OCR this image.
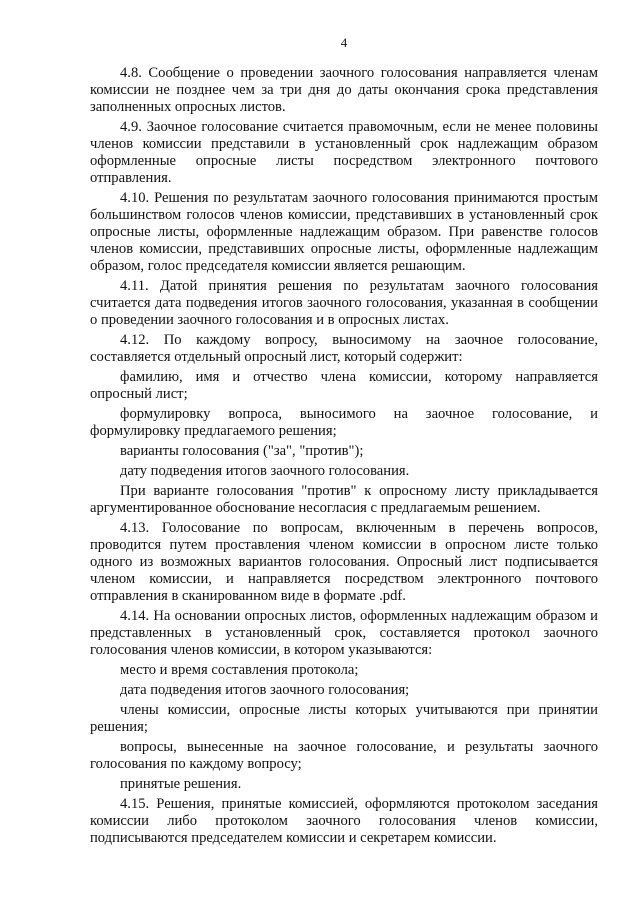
4

4.8. Сообщение о проведении заочного голосования направляется членам комиссии не позднее чем за три дня до даты окончания срока представления заполненных опросных листов.

4.9. Заочное голосование считается правомочным, если не менее половины членов комиссии представили в установленный срок надлежащим образом оформленные опросные листы посредством электронного почтового отправления.

4.10. Решения по результатам заочного голосования принимаются простым большинством голосов членов комиссии, представивших в установленный срок опросные листы, оформленные надлежащим образом. При равенстве голосов членов комиссии, представивших опросные листы, оформленные надлежащим образом, голос председателя комиссии является решающим.

4.11. Датой принятия решения по результатам заочного голосования считается дата подведения итогов заочного голосования, указанная в сообщении о проведении заочного голосования и в опросных листах.

4.12. По каждому вопросу, выносимому на заочное голосование, составляется отдельный опросный лист, который содержит:

фамилию, имя и отчество члена комиссии, которому направляется опросный лист;

формулировку вопроса, выносимого на заочное голосование, и формулировку предлагаемого решения;

варианты голосования ("за", "против");

дату подведения итогов заочного голосования.

При варианте голосования "против" к опросному листу прикладывается аргументированное обоснование несогласия с предлагаемым решением.

4.13. Голосование по вопросам, включенным в перечень вопросов, проводится путем проставления членом комиссии в опросном листе только одного из возможных вариантов голосования. Опросный лист подписывается членом комиссии, и направляется посредством электронного почтового отправления в сканированном виде в формате .pdf.

4.14. На основании опросных листов, оформленных надлежащим образом и представленных в установленный срок, составляется протокол заочного голосования членов комиссии, в котором указываются:

место и время составления протокола;

дата подведения итогов заочного голосования;

члены комиссии, опросные листы которых учитываются при принятии решения;

вопросы, вынесенные на заочное голосование, и результаты заочного голосования по каждому вопросу;

принятые решения.

4.15. Решения, принятые комиссией, оформляются протоколом заседания комиссии либо протоколом заочного голосования членов комиссии, подписываются председателем комиссии и секретарем комиссии.
